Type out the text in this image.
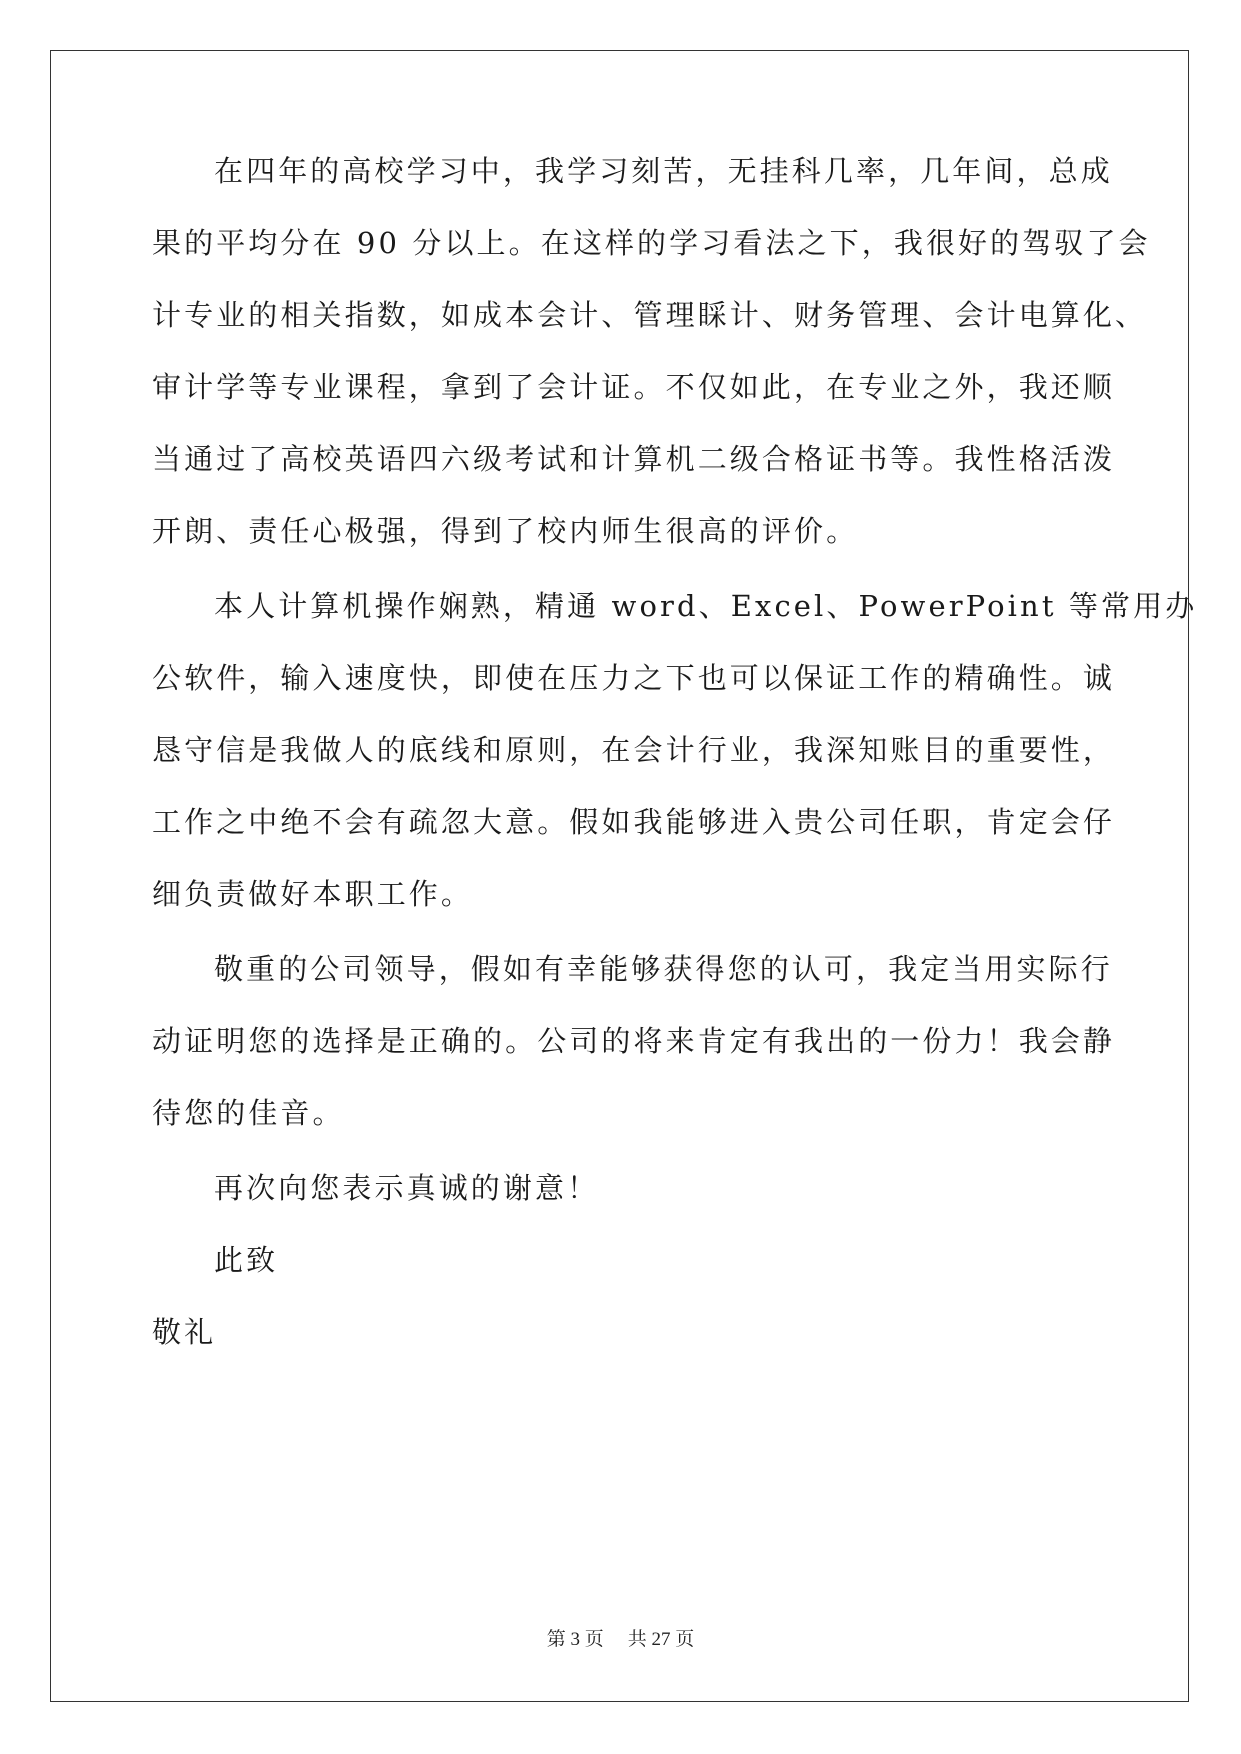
在四年的高校学习中，我学习刻苦，无挂科几率，几年间，总成
果的平均分在 90 分以上。在这样的学习看法之下，我很好的驾驭了会
计专业的相关指数，如成本会计、管理睬计、财务管理、会计电算化、
审计学等专业课程，拿到了会计证。不仅如此，在专业之外，我还顺
当通过了高校英语四六级考试和计算机二级合格证书等。我性格活泼
开朗、责任心极强，得到了校内师生很高的评价。
本人计算机操作娴熟，精通 word、Excel、PowerPoint 等常用办
公软件，输入速度快，即使在压力之下也可以保证工作的精确性。诚
恳守信是我做人的底线和原则，在会计行业，我深知账目的重要性，
工作之中绝不会有疏忽大意。假如我能够进入贵公司任职，肯定会仔
细负责做好本职工作。
敬重的公司领导，假如有幸能够获得您的认可，我定当用实际行
动证明您的选择是正确的。公司的将来肯定有我出的一份力！我会静
待您的佳音。
再次向您表示真诚的谢意！
此致
敬礼
第 3 页 共 27 页
